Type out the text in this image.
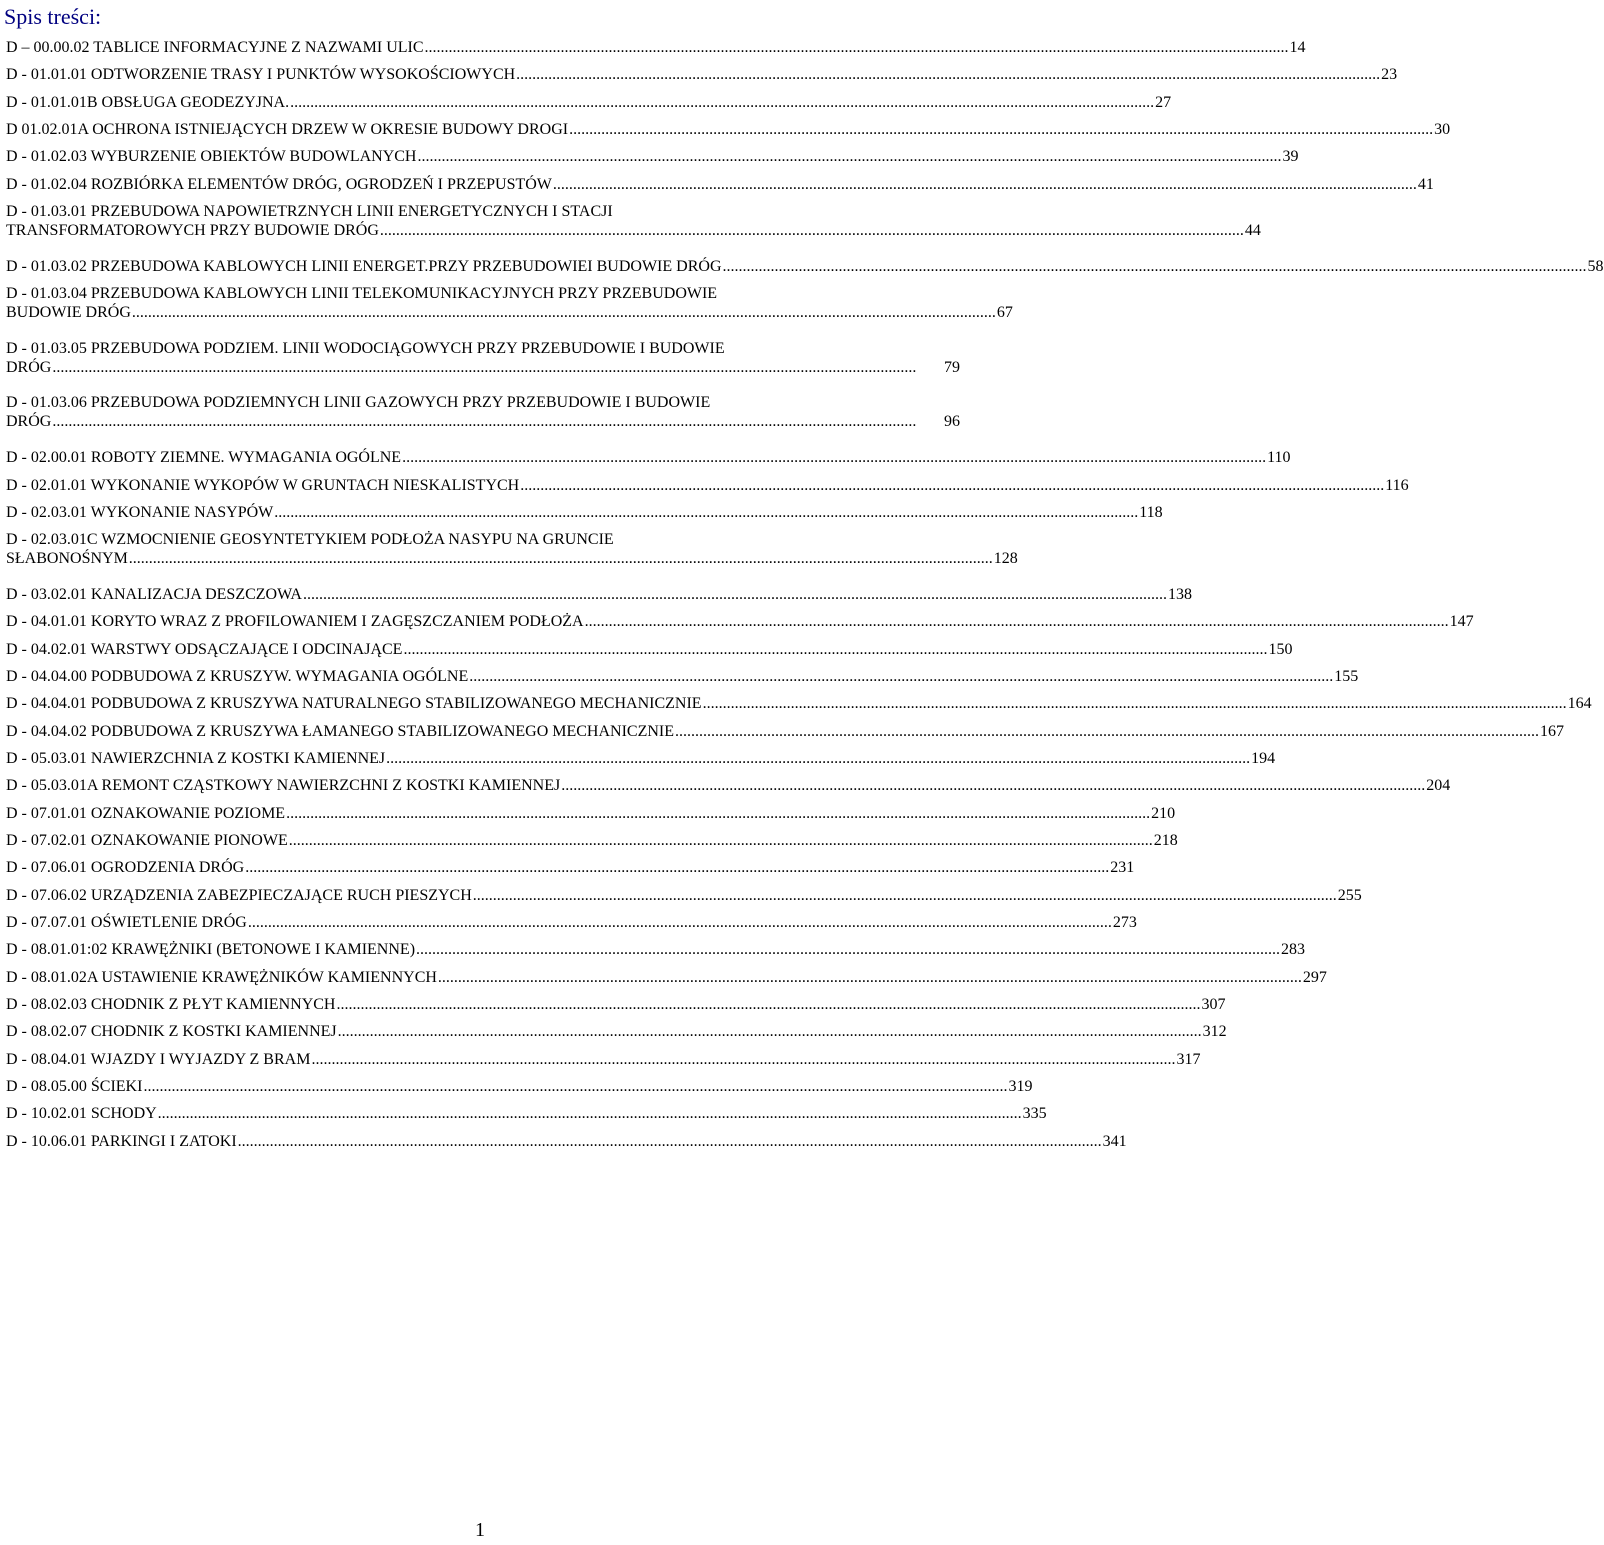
Spis treści:
D – 00.00.02 TABLICE INFORMACYJNE Z NAZWAMI ULIC .....	14
D - 01.01.01 ODTWORZENIE TRASY I PUNKTÓW WYSOKOŚCIOWYCH .....	23
D - 01.01.01B OBSŁUGA GEODEZYJNA. .....	27
D 01.02.01A OCHRONA ISTNIEJĄCYCH DRZEW W OKRESIE BUDOWY DROGI .....	30
D - 01.02.03 WYBURZENIE OBIEKTÓW BUDOWLANYCH .....	39
D - 01.02.04 ROZBIÓRKA ELEMENTÓW DRÓG, OGRODZEŃ I PRZEPUSTÓW .....	41
D - 01.03.01 PRZEBUDOWA NAPOWIETRZNYCH LINII ENERGETYCZNYCH I STACJI
TRANSFORMATOROWYCH PRZY BUDOWIE DRÓG .....	44
D - 01.03.02 PRZEBUDOWA KABLOWYCH LINII ENERGET.PRZY PRZEBUDOWIEI BUDOWIE DRÓG .....	58
D - 01.03.04 PRZEBUDOWA KABLOWYCH LINII TELEKOMUNIKACYJNYCH PRZY PRZEBUDOWIE
BUDOWIE DRÓG .....	67
D - 01.03.05 PRZEBUDOWA PODZIEM. LINII WODOCIĄGOWYCH PRZY PRZEBUDOWIE I BUDOWIE
DRÓG .....	79
D - 01.03.06 PRZEBUDOWA PODZIEMNYCH LINII GAZOWYCH PRZY PRZEBUDOWIE I BUDOWIE
DRÓG .....	96
D - 02.00.01 ROBOTY ZIEMNE. WYMAGANIA OGÓLNE .....	110
D - 02.01.01 WYKONANIE WYKOPÓW W GRUNTACH NIESKALISTYCH .....	116
D - 02.03.01 WYKONANIE NASYPÓW .....	118
D - 02.03.01C WZMOCNIENIE GEOSYNTETYKIEM PODŁOŻA NASYPU NA GRUNCIE
SŁABONOŚNYM .....	128
D - 03.02.01 KANALIZACJA DESZCZOWA .....	138
D - 04.01.01 KORYTO WRAZ Z PROFILOWANIEM I ZAGĘSZCZANIEM PODŁOŻA .....	147
D - 04.02.01 WARSTWY ODSĄCZAJĄCE I ODCINAJĄCE .....	150
D - 04.04.00 PODBUDOWA Z KRUSZYW. WYMAGANIA OGÓLNE .....	155
D - 04.04.01 PODBUDOWA Z KRUSZYWA NATURALNEGO STABILIZOWANEGO MECHANICZNIE .....	164
D - 04.04.02 PODBUDOWA Z KRUSZYWA ŁAMANEGO STABILIZOWANEGO MECHANICZNIE .....	167
D - 05.03.01 NAWIERZCHNIA Z KOSTKI KAMIENNEJ .....	194
D - 05.03.01A REMONT CZĄSTKOWY NAWIERZCHNI Z KOSTKI KAMIENNEJ .....	204
D - 07.01.01 OZNAKOWANIE POZIOME .....	210
D - 07.02.01 OZNAKOWANIE PIONOWE .....	218
D - 07.06.01 OGRODZENIA DRÓG .....	231
D - 07.06.02 URZĄDZENIA ZABEZPIECZAJĄCE RUCH PIESZYCH .....	255
D - 07.07.01 OŚWIETLENIE DRÓG .....	273
D - 08.01.01:02 KRAWĘŻNIKI (BETONOWE I KAMIENNE) .....	283
D - 08.01.02A USTAWIENIE KRAWĘŻNIKÓW KAMIENNYCH .....	297
D - 08.02.03 CHODNIK Z PŁYT KAMIENNYCH .....	307
D - 08.02.07 CHODNIK Z KOSTKI KAMIENNEJ .....	312
D - 08.04.01 WJAZDY I WYJAZDY Z BRAM .....	317
D - 08.05.00 ŚCIEKI .....	319
D - 10.02.01 SCHODY .....	335
D - 10.06.01 PARKINGI I ZATOKI .....	341
1
